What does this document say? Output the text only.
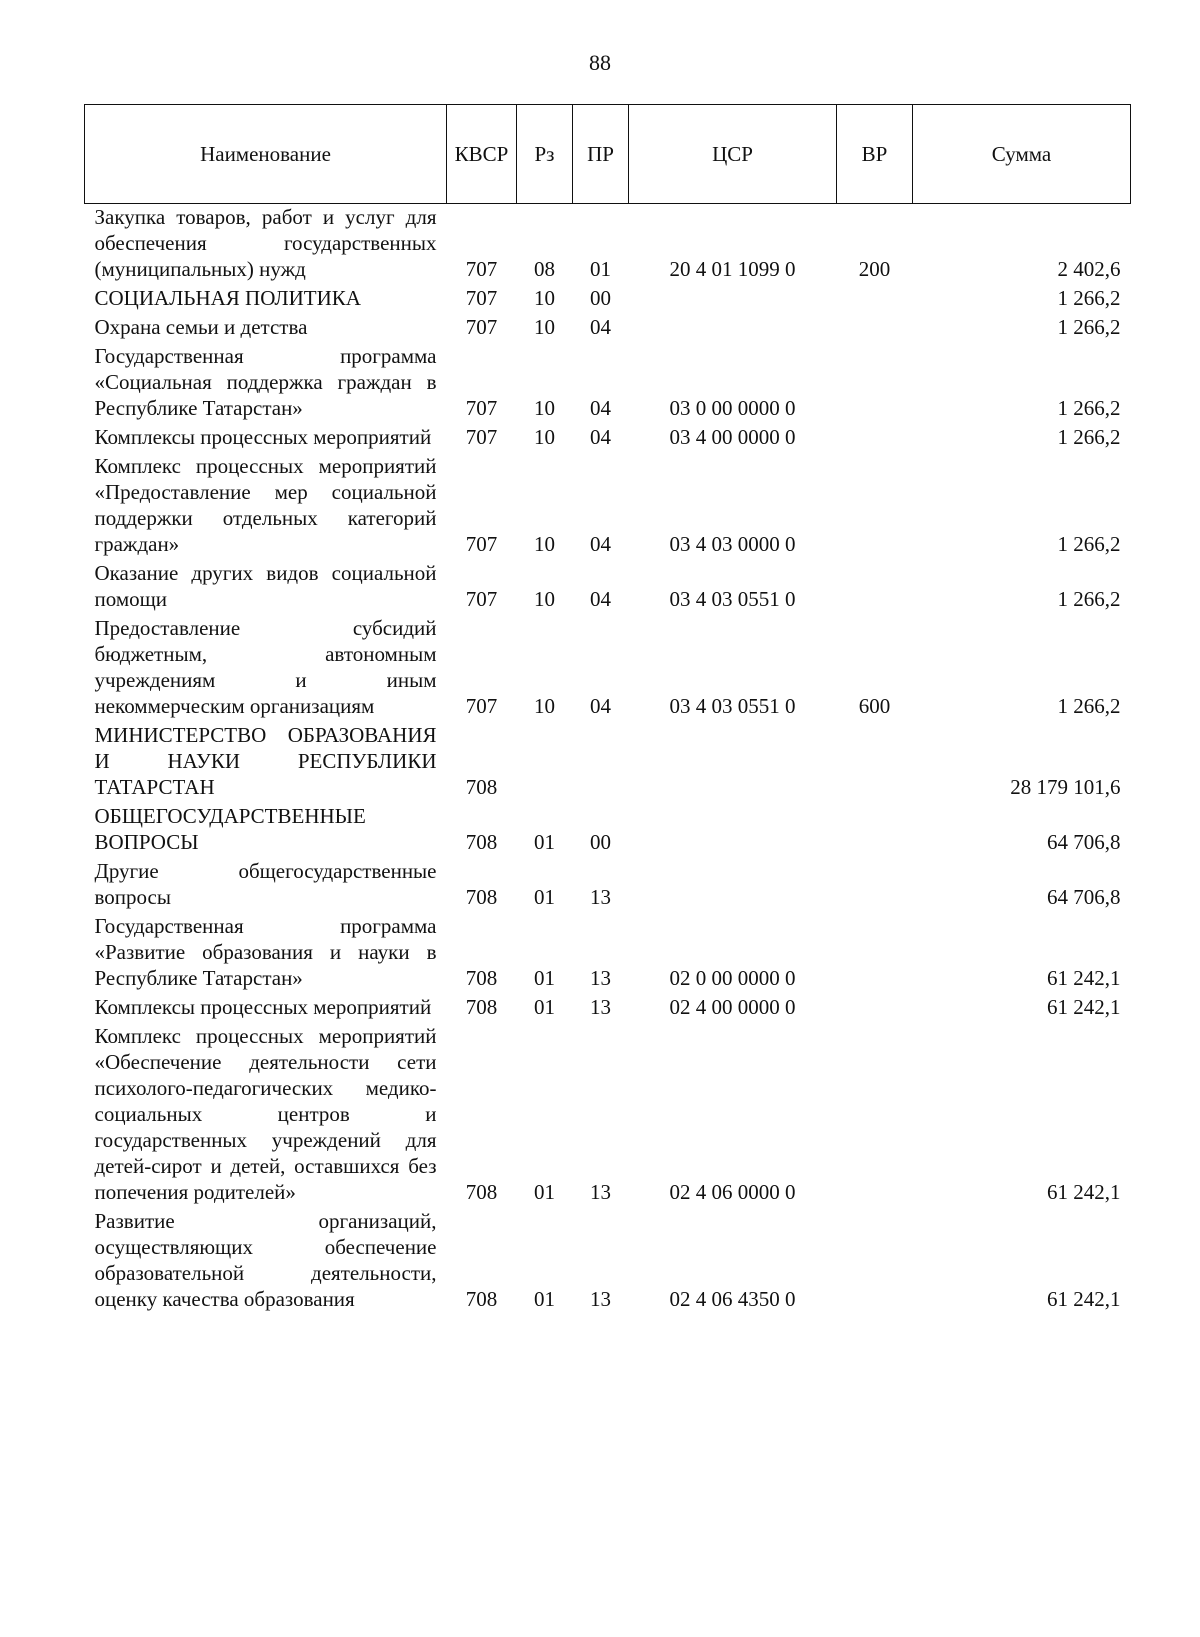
88
Наименование	КВСР	Рз	ПР	ЦСР	ВР	Сумма
Закупка товаров, работ и услуг для обеспечения государственных (муниципальных) нужд	707	08	01	20 4 01 1099 0	200	2 402,6
СОЦИАЛЬНАЯ ПОЛИТИКА	707	10	00			1 266,2
Охрана семьи и детства	707	10	04			1 266,2
Государственная программа «Социальная поддержка граждан в Республике Татарстан»	707	10	04	03 0 00 0000 0		1 266,2
Комплексы процессных мероприятий	707	10	04	03 4 00 0000 0		1 266,2
Комплекс процессных мероприятий «Предоставление мер социальной поддержки отдельных категорий граждан»	707	10	04	03 4 03 0000 0		1 266,2
Оказание других видов социальной помощи	707	10	04	03 4 03 0551 0		1 266,2
Предоставление субсидий бюджетным, автономным учреждениям и иным некоммерческим организациям	707	10	04	03 4 03 0551 0	600	1 266,2
МИНИСТЕРСТВО ОБРАЗОВАНИЯ И НАУКИ РЕСПУБЛИКИ ТАТАРСТАН	708					28 179 101,6
ОБЩЕГОСУДАРСТВЕННЫЕ ВОПРОСЫ	708	01	00			64 706,8
Другие общегосударственные вопросы	708	01	13			64 706,8
Государственная программа «Развитие образования и науки в Республике Татарстан»	708	01	13	02 0 00 0000 0		61 242,1
Комплексы процессных мероприятий	708	01	13	02 4 00 0000 0		61 242,1
Комплекс процессных мероприятий «Обеспечение деятельности сети психолого-педагогических медико-социальных центров и государственных учреждений для детей-сирот и детей, оставшихся без попечения родителей»	708	01	13	02 4 06 0000 0		61 242,1
Развитие организаций, осуществляющих обеспечение образовательной деятельности, оценку качества образования	708	01	13	02 4 06 4350 0		61 242,1
